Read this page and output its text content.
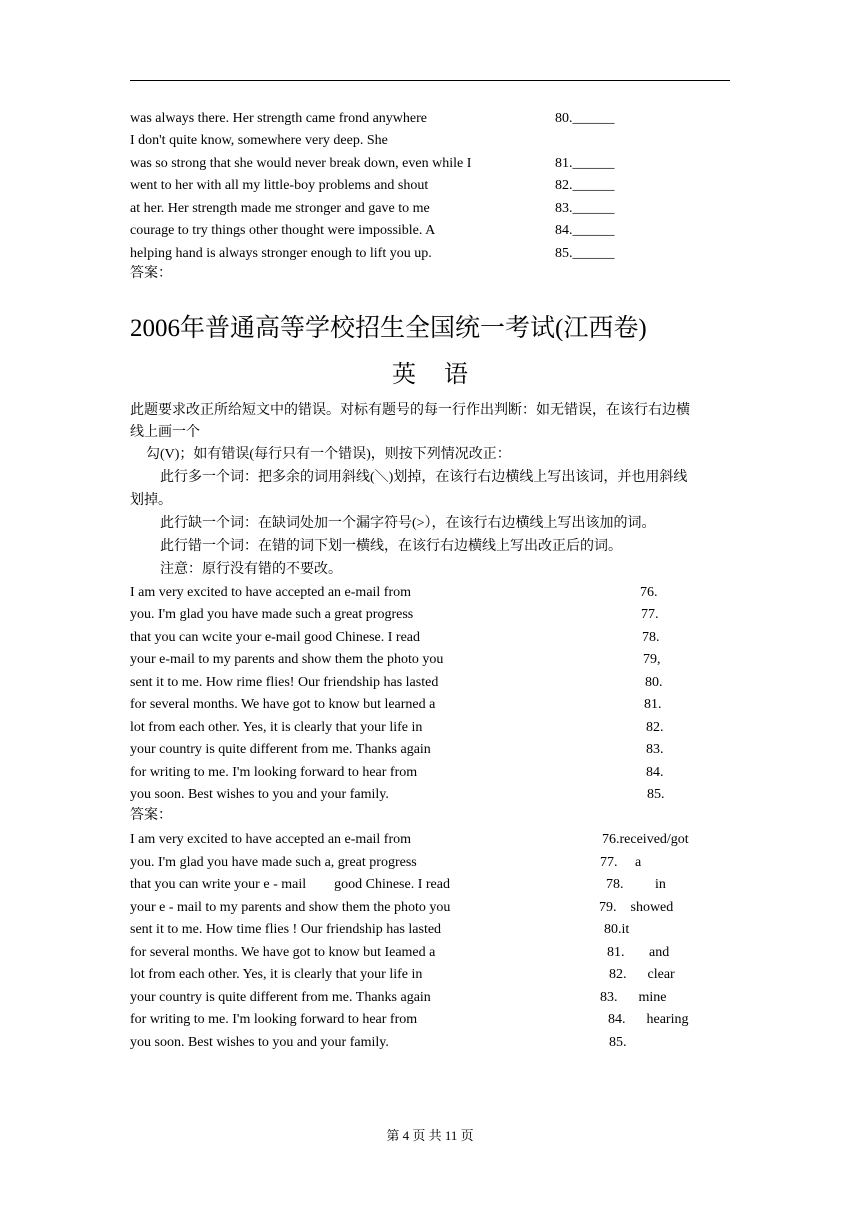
was always there. Her strength came frond anywhere	80.______
I don't quite know, somewhere very deep. She
was so strong that she would never break down, even while I	81.______
went to her with all my little-boy problems and shout	82.______
at her. Her strength made me stronger and gave to me	83.______
courage to try things other thought were impossible. A	84.______
helping hand is always stronger enough to lift you up.	85.______
答案：
2006年普通高等学校招生全国统一考试(江西卷)
英语
此题要求改正所给短文中的错误。对标有题号的每一行作出判断：如无错误，在该行右边横
线上画一个
勾(V)；如有错误(每行只有一个错误)，则按下列情况改正：
此行多一个词：把多余的词用斜线(＼)划掉，在该行右边横线上写出该词，并也用斜线
划掉。
此行缺一个词：在缺词处加一个漏字符号(>），在该行右边横线上写出该加的词。
此行错一个词：在错的词下划一横线，在该行右边横线上写出改正后的词。
注意：原行没有错的不要改。
I am very excited to have accepted an e-mail from	76.
you. I'm glad you have made such a great progress	77.
that you can wcite your e-mail good Chinese. I read	78.
your e-mail to my parents and show them the photo you	79,
sent it to me. How rime flies! Our friendship has lasted	80.
for several months. We have got to know but learned a	81.
lot from each other. Yes, it is clearly that your life in	82.
your country is quite different from me. Thanks again	83.
for writing to me. I'm looking forward to hear from	84.
you soon. Best wishes to you and your family.	85.
答案：
I am very excited to have accepted an e-mail from	76.received/got
you. I'm glad you have made such a, great progress	77.     a
that you can write your e - mail        good Chinese. I read	78.         in
your e - mail to my parents and show them the photo you	79.    showed
sent it to me. How time flies ! Our friendship has lasted	80.it
for several months. We have got to know but Ieamed a	81.       and
lot from each other. Yes, it is clearly that your life in	82.      clear
your country is quite different from me. Thanks again	83.      mine
for writing to me. I'm looking forward to hear from	84.      hearing
you soon. Best wishes to you and your family.	85.
第 4 页 共 11 页
